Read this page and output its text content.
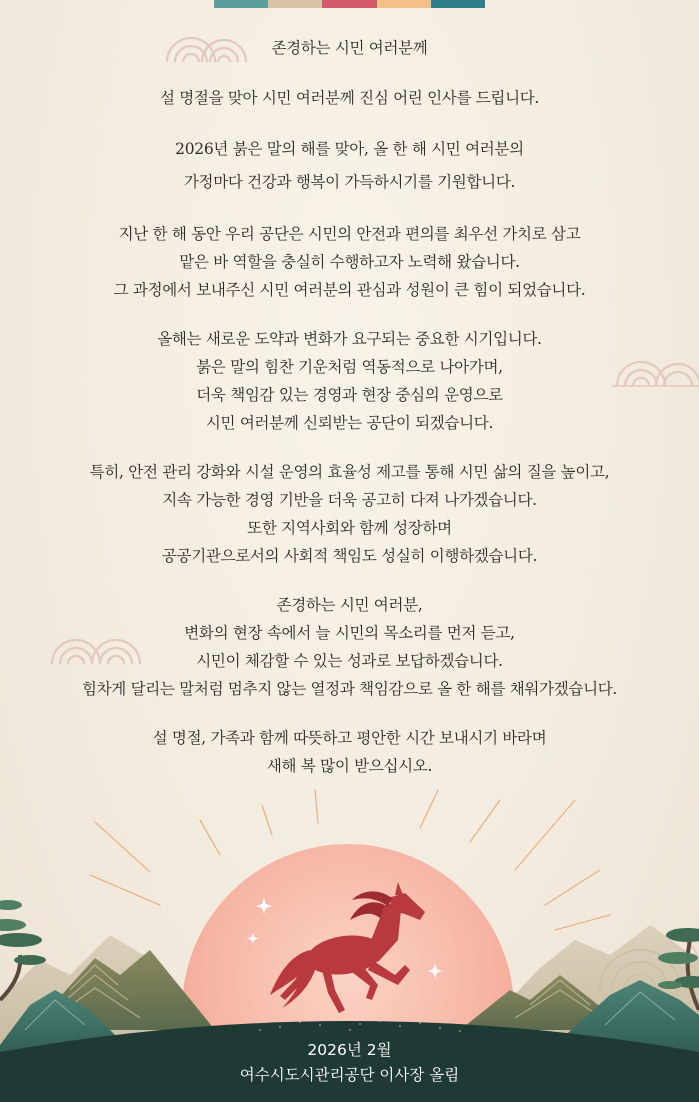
존경하는 시민 여러분께
설 명절을 맞아 시민 여러분께 진심 어린 인사를 드립니다.
2026년 붉은 말의 해를 맞아, 올 한 해 시민 여러분의
가정마다 건강과 행복이 가득하시기를 기원합니다.
지난 한 해 동안 우리 공단은 시민의 안전과 편의를 최우선 가치로 삼고
맡은 바 역할을 충실히 수행하고자 노력해 왔습니다.
그 과정에서 보내주신 시민 여러분의 관심과 성원이 큰 힘이 되었습니다.
올해는 새로운 도약과 변화가 요구되는 중요한 시기입니다.
붉은 말의 힘찬 기운처럼 역동적으로 나아가며,
더욱 책임감 있는 경영과 현장 중심의 운영으로
시민 여러분께 신뢰받는 공단이 되겠습니다.
특히, 안전 관리 강화와 시설 운영의 효율성 제고를 통해 시민 삶의 질을 높이고,
지속 가능한 경영 기반을 더욱 공고히 다져 나가겠습니다.
또한 지역사회와 함께 성장하며
공공기관으로서의 사회적 책임도 성실히 이행하겠습니다.
존경하는 시민 여러분,
변화의 현장 속에서 늘 시민의 목소리를 먼저 듣고,
시민이 체감할 수 있는 성과로 보답하겠습니다.
힘차게 달리는 말처럼 멈추지 않는 열정과 책임감으로 올 한 해를 채워가겠습니다.
설 명절, 가족과 함께 따뜻하고 평안한 시간 보내시기 바라며
새해 복 많이 받으십시오.
2026년 2월
여수시도시관리공단 이사장 올림
